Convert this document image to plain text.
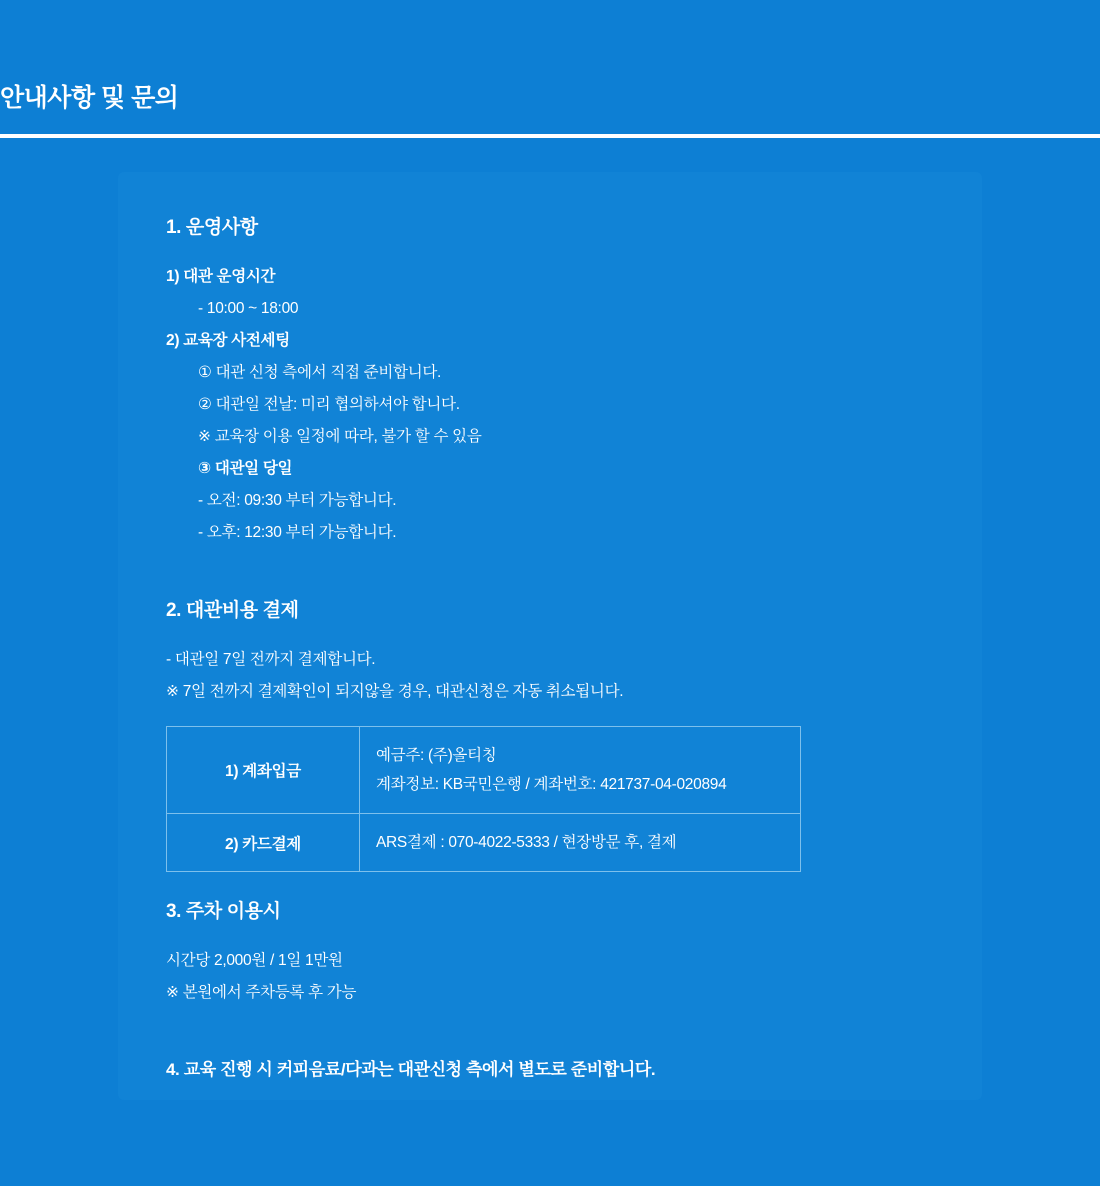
안내사항 및 문의
1. 운영사항
1) 대관 운영시간
- 10:00 ~ 18:00
2) 교육장 사전세팅
① 대관 신청 측에서 직접 준비합니다.
② 대관일 전날: 미리 협의하셔야 합니다.
※ 교육장 이용 일정에 따라, 불가 할 수 있음
③ 대관일 당일
- 오전: 09:30 부터 가능합니다.
- 오후: 12:30 부터 가능합니다.
2. 대관비용 결제
- 대관일 7일 전까지 결제합니다.
※ 7일 전까지 결제확인이 되지않을 경우, 대관신청은 자동 취소됩니다.
1) 계좌입금	예금주: (주)올티칭

계좌정보: KB국민은행 / 계좌번호: 421737-04-020894

2) 카드결제	ARS결제 : 070-4022-5333 / 현장방문 후, 결제

3. 주차 이용시
시간당 2,000원 / 1일 1만원
※ 본원에서 주차등록 후 가능
4. 교육 진행 시 커피음료/다과는 대관신청 측에서 별도로 준비합니다.
